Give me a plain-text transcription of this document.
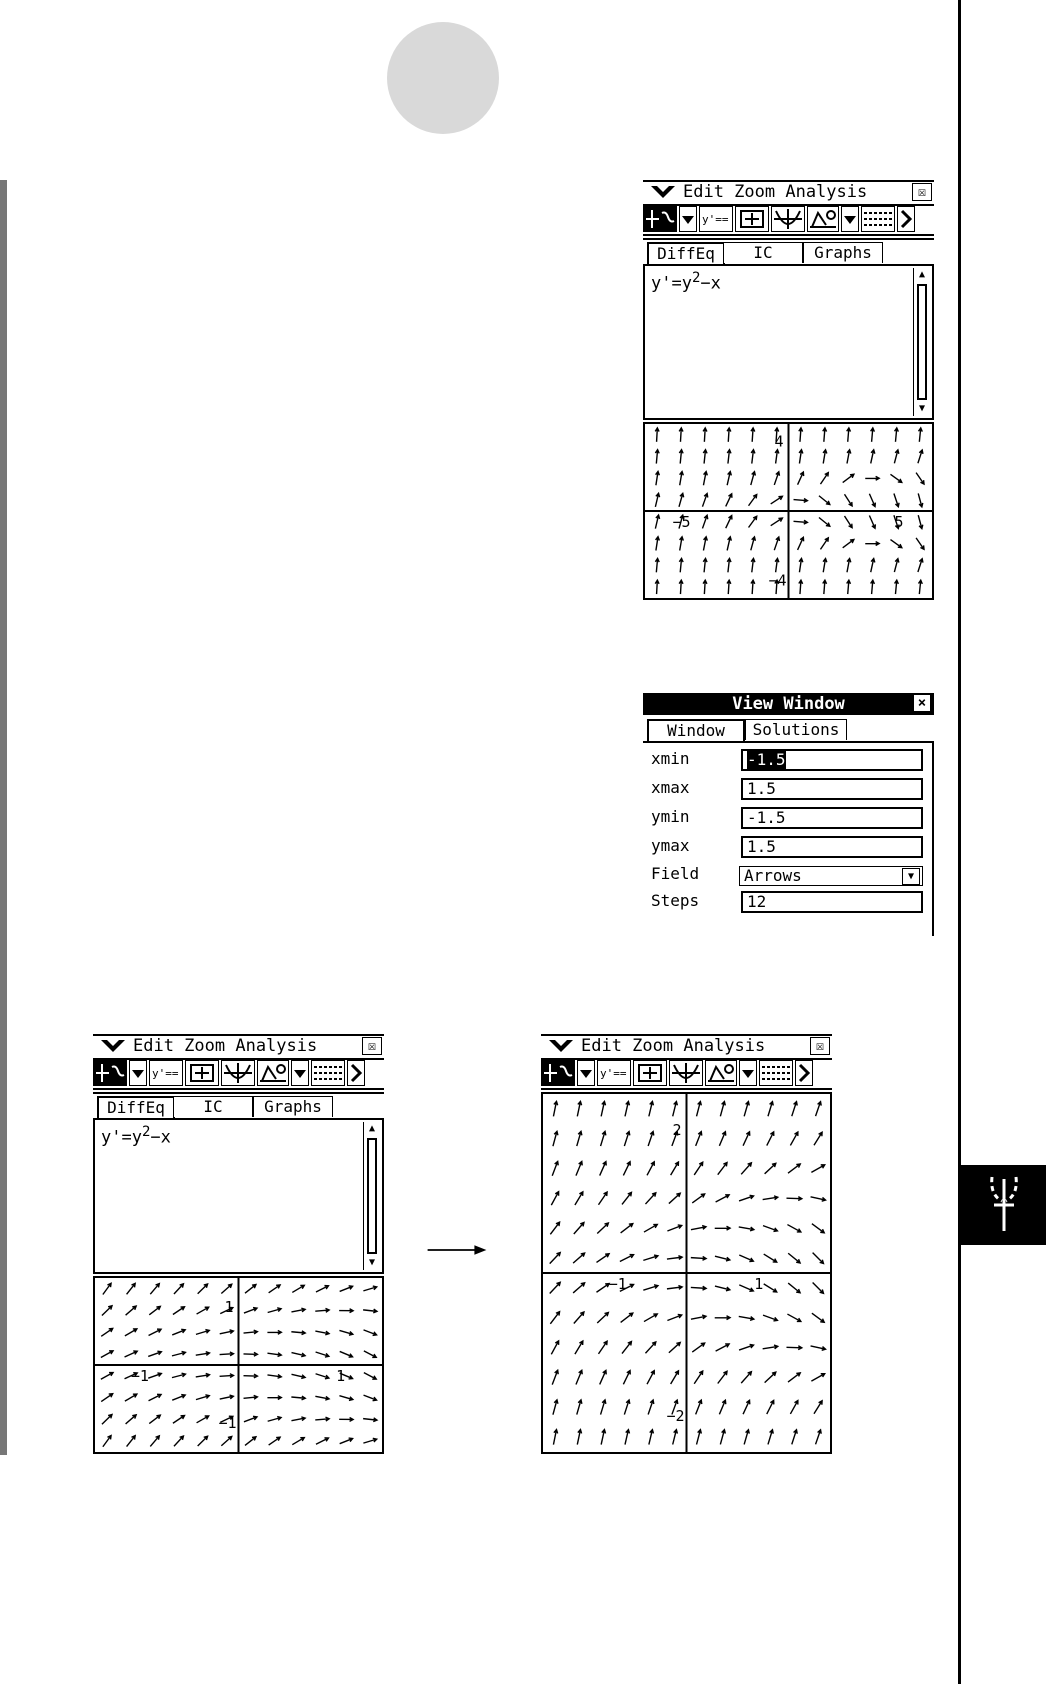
Edit Zoom Analysis	☒
y'==
DiffEq	IC	Graphs
$y'=y^2-x$	▲
▼
4
−4
−5	5
Edit Zoom Analysis	☒
y'==
DiffEq	IC	Graphs
$y'=y^2-x$	▲
▼
1
−1
−1	1
Edit Zoom Analysis	☒
y'==
2
−2
−1	1
View Window	×
Window	Solutions
xmin	-1.5
xmax	1.5
ymin	-1.5
ymax	1.5
Field	Arrows	▼
Steps	12
